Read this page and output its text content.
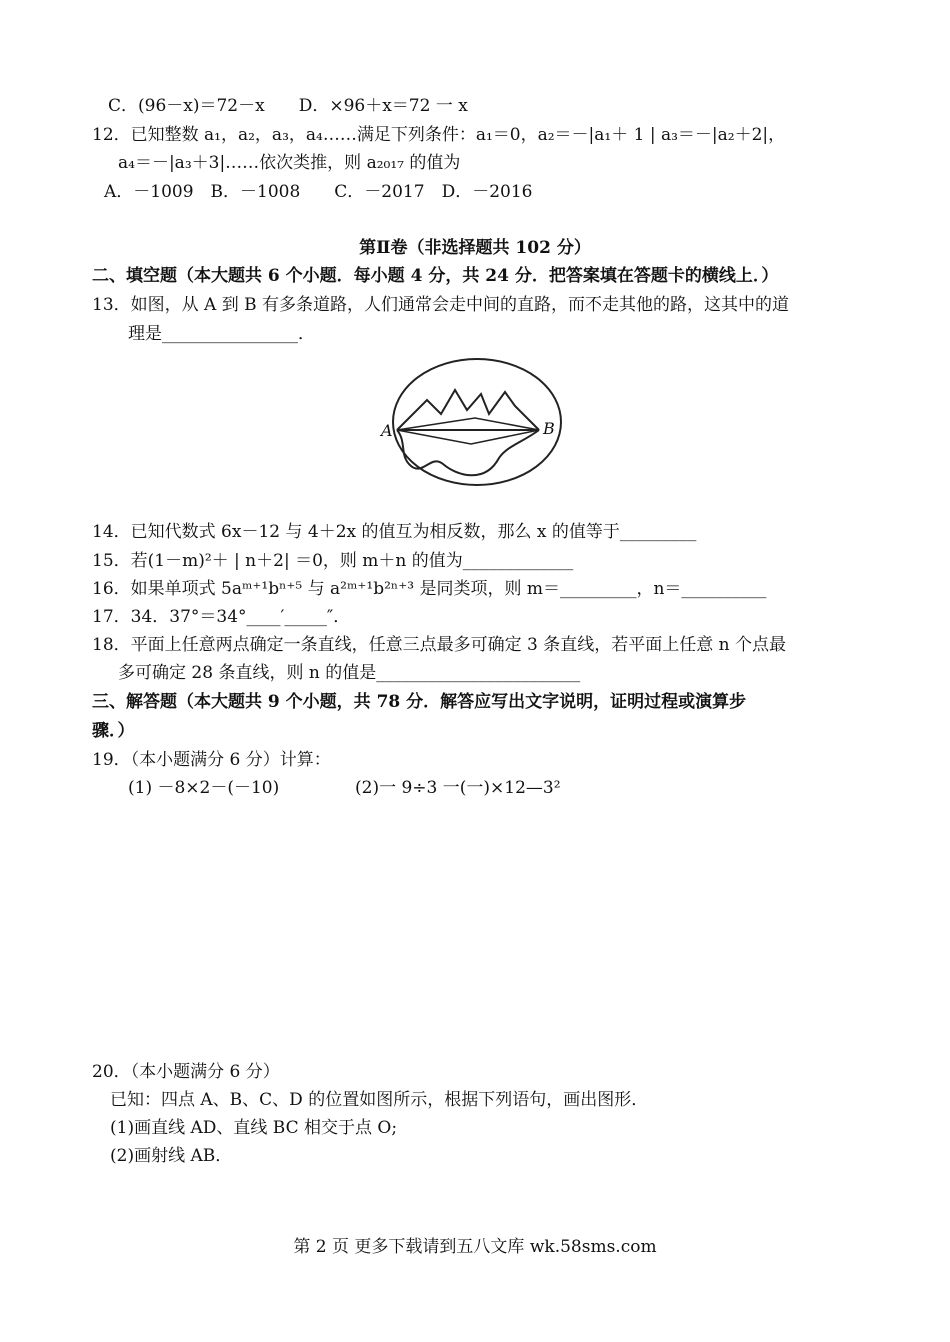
C．(96－x)＝72－x　　D．×96＋x＝72 一 x
12．已知整数 a₁，a₂，a₃，a₄……满足下列条件：a₁＝0，a₂＝－|a₁＋ 1 | a₃＝－|a₂＋2|，
a₄＝－|a₃＋3|……依次类推，则 a₂₀₁₇ 的值为
A．－1009　B．－1008　　C．－2017　D．－2016
第Ⅱ卷（非选择题共 102 分）
二、填空题（本大题共 6 个小题．每小题 4 分，共 24 分．把答案填在答题卡的横线上．）
13．如图，从 A 到 B 有多条道路，人们通常会走中间的直路，而不走其他的路，这其中的道
理是________________．
A	B
14．已知代数式 6x－12 与 4＋2x 的值互为相反数，那么 x 的值等于_________
15．若(1－m)²＋ | n＋2| ＝0，则 m＋n 的值为_____________
16．如果单项式 5aᵐ⁺¹bⁿ⁺⁵ 与 a²ᵐ⁺¹b²ⁿ⁺³ 是同类项，则 m＝_________，n＝__________
17．34．37°＝34°____′_____″．
18．平面上任意两点确定一条直线，任意三点最多可确定 3 条直线，若平面上任意 n 个点最
多可确定 28 条直线，则 n 的值是________________________
三、解答题（本大题共 9 个小题，共 78 分．解答应写出文字说明，证明过程或演算步
骤．）
19．（本小题满分 6 分）计算：
(1) －8×2－(－10)	(2)一 9÷3 一(一)×12—3²
20．（本小题满分 6 分）
已知：四点 A、B、C、D 的位置如图所示，根据下列语句，画出图形．
(1)画直线 AD、直线 BC 相交于点 O;
(2)画射线 AB．
第 2 页 更多下载请到五八文库 wk.58sms.com
